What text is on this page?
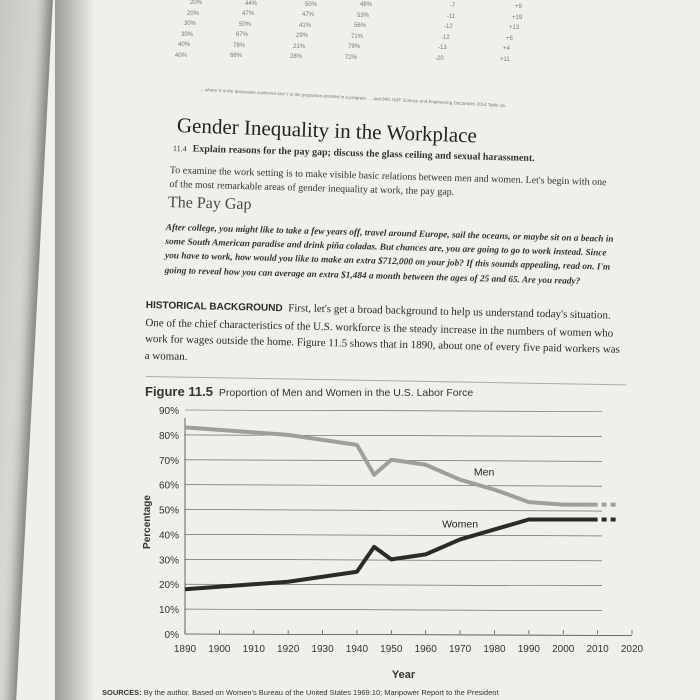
20%	44%	50%	48%	-7	+9
20%	47%	47%	53%	-11	+19
30%	50%	41%	56%	-12	+13
30%	67%	29%	71%	-12	+6
40%	78%	21%	79%	-13	+4
40%	66%	28%	72%	-20	+11
... where X is the doctorates conferred and Y is the proportion enrolled in a program. ... and 840; NSF Science and Engineering Doctorates 2014 Table 16.
Gender Inequality in the Workplace
11.4 Explain reasons for the pay gap; discuss the glass ceiling and sexual harassment.
To examine the work setting is to make visible basic relations between men and women. Let's begin with one of the most remarkable areas of gender inequality at work, the pay gap.
The Pay Gap
After college, you might like to take a few years off, travel around Europe, sail the oceans, or maybe sit on a beach in some South American paradise and drink piña coladas. But chances are, you are going to go to work instead. Since you have to work, how would you like to make an extra $712,000 on your job? If this sounds appealing, read on. I'm going to reveal how you can average an extra $1,484 a month between the ages of 25 and 65. Are you ready?
HISTORICAL BACKGROUND First, let's get a broad background to help us understand today's situation. One of the chief characteristics of the U.S. workforce is the steady increase in the numbers of women who work for wages outside the home. Figure 11.5 shows that in 1890, about one of every five paid workers was a woman.
Figure 11.5 Proportion of Men and Women in the U.S. Labor Force
0%
10%
20%
30%
40%
50%
60%
70%
80%
90%
1890 1900 1910 1920 1930 1940 1950 1960 1970 1980 1990 2000 2010 2020
Year
Percentage
Men
Women
SOURCES: By the author. Based on Women's Bureau of the United States 1969:10; Manpower Report to the President
